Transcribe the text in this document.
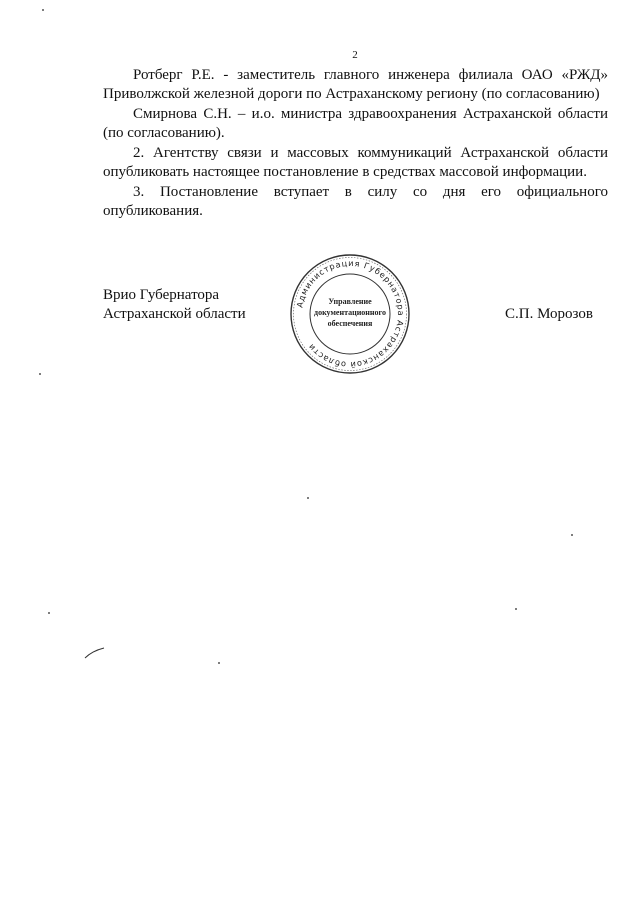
2

Ротберг Р.Е. - заместитель главного инженера филиала ОАО «РЖД» Приволжской железной дороги по Астраханскому региону (по согласованию)

Смирнова С.Н. – и.о. министра здравоохранения Астраханской области (по согласованию).

2. Агентству связи и массовых коммуникаций Астраханской области опубликовать настоящее постановление в средствах массовой информации.

3. Постановление вступает в силу со дня его официального опубликования.

Врио Губернатора
Астраханской области	С.П. Морозов
Администрация Губернатора Астраханской области
Управление
документационного
обеспечения
